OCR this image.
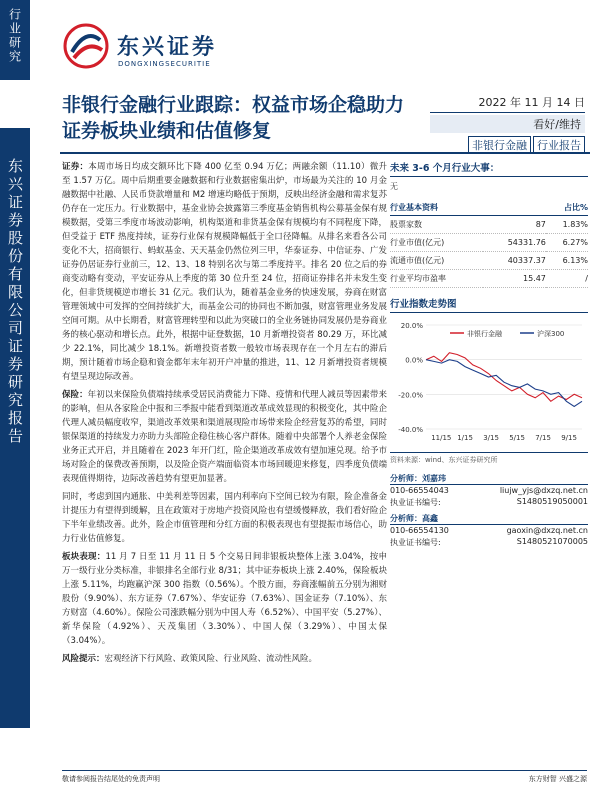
行业研究
东兴证券股份有限公司证券研究报告
东兴证券
DONGXINGSECURITIE
非银行金融行业跟踪：权益市场企稳助力证券板块业绩和估值修复
2022 年 11 月 14 日
看好/维持
非银行金融 行业报告

证券：本周市场日均成交额环比下降 400 亿至 0.94 万亿；两融余额（11.10）微升至 1.57 万亿。周中后期重要金融数据和行业数据密集出炉，市场最为关注的 10 月金融数据中社融、人民币贷款增量和 M2 增速均略低于预期，反映出经济金融和需求复苏仍存在一定压力。行业数据中，基金业协会披露第三季度基金销售机构公募基金保有规模数据，受第三季度市场波动影响，机构渠道和非货基金保有规模均有不同程度下降，但受益于 ETF 热度持续，证券行业保有规模降幅低于全口径降幅。从排名来看各公司变化不大，招商银行、蚂蚁基金、天天基金仍然位列三甲，华泰证券、中信证券、广发证券仍居证券行业前三，12、13、18 特别名次与第二季度持平。排名 20 位之后的券商变动略有变动，平安证券从上季度的第 30 位升至 24 位，招商证券排名并未发生变化，但非货规模逆市增长 31 亿元。我们认为，随着基金业务的快速发展，券商在财富管理领域中可发挥的空间持续扩大，而基金公司的协同也不断加强，财富管理业务发展空间可期。从中长期看，财富管理转型和以此为突破口的全业务链协同发展仍是券商业务的核心驱动和增长点。此外，根据中证登数据，10 月新增投资者 80.29 万，环比减少 22.1%，同比减少 18.1%。新增投资者数一般较市场表现存在一个月左右的滞后期，预计随着市场企稳和資金都年末年初开户冲量的推进，11、12 月新增投资者规模有望呈现边际改善。

保险：年初以来保险负债端持续承受居民消费能力下降、疫情和代理人减员等因素带来的影响，但从各家险企中报和三季报中能看到渠道改革成效显现的积极变化，其中险企代理人减员幅度收窄，渠道改革效果和渠道展现险市场带来险企经营复苏的希望，同时银保渠道的持续发力亦助力头部险企稳住核心客户群体。随着中央部署个人养老金保险业务正式开启，并且随着在 2023 年开门红，险企渠道改革成效有望加速兑现。给予市场对险企的保费改善预期，以及险企资产端面临资本市场回暖迎来修复，四季度负债端表现值得期待，边际改善趋势有望更加显著。

同时，考虑到国内通胀、中美利差等因素，国内利率向下空间已较为有限，险企准备金计提压力有望得到缓解，且在政策对于房地产投资风险也有望缓慢释放，我们看好险企下半年业绩改善。此外，险企市值管理和分红方面的积极表现也有望提振市场信心，助力行业估值修复。

板块表现：11 月 7 日至 11 月 11 日 5 个交易日间非银板块整体上涨 3.04%，按申万一级行业分类标准，非银排名全部行业 8/31；其中证券板块上涨 2.40%，保险板块上涨 5.11%，均跑赢沪深 300 指数（0.56%）。个股方面，券商涨幅前五分别为湘财股份（9.90%）、东方证券（7.67%）、华安证券（7.63%）、国金证券（7.10%）、东方财富（4.60%）。保险公司涨跌幅分别为中国人寿（6.52%）、中国平安（5.27%）、新华保险（4.92%）、天茂集团（3.30%）、中国人保（3.29%）、中国太保（3.04%）。

风险提示：宏观经济下行风险、政策风险、行业风险、流动性风险。

未来 3-6 个月行业大事：
无
行业基本资料		占比%
股票家数	87	1.83%
行业市值(亿元)	54331.76	6.27%
流通市值(亿元)	40337.37	6.13%
行业平均市盈率	15.47	/
行业指数走势图
20.0%
0.0%
-20.0%
-40.0%
11/15 1/15 3/15 5/15 7/15 9/15
非银行金融	沪深300
资料来源：wind、东兴证券研究所
分析师：刘嘉玮
010-66554043	liujw_yjs@dxzq.net.cn
执业证书编号:	S1480519050001
分析师：高鑫
010-66554130	gaoxin@dxzq.net.cn
执业证书编号:	S1480521070005
敬请参阅报告结尾处的免责声明	东方财智 兴盛之源
